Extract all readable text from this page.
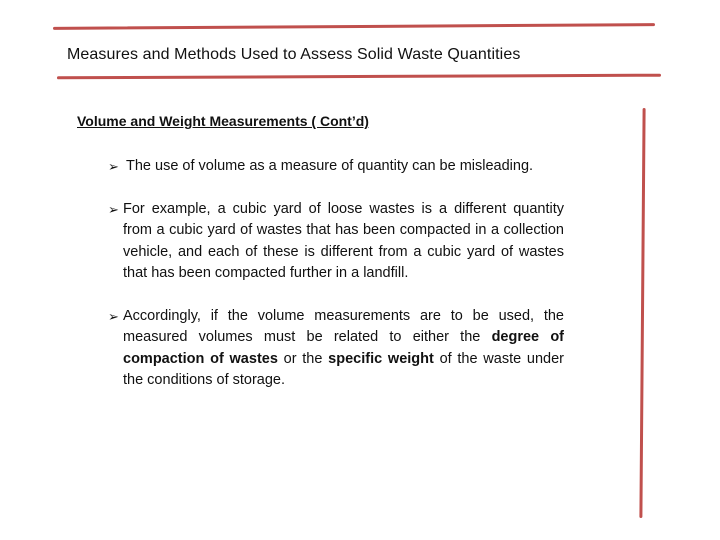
Measures and Methods Used to Assess Solid Waste Quantities
Volume and Weight Measurements ( Cont’d)
➢ The use of volume as a measure of quantity can be misleading.
➢ For example, a cubic yard of loose wastes is a different quantity from a cubic yard of wastes that has been compacted in a collection vehicle, and each of these is different from a cubic yard of wastes that has been compacted further in a landfill.
➢ Accordingly, if the volume measurements are to be used, the measured volumes must be related to either the degree of compaction of wastes or the specific weight of the waste under the conditions of storage.
